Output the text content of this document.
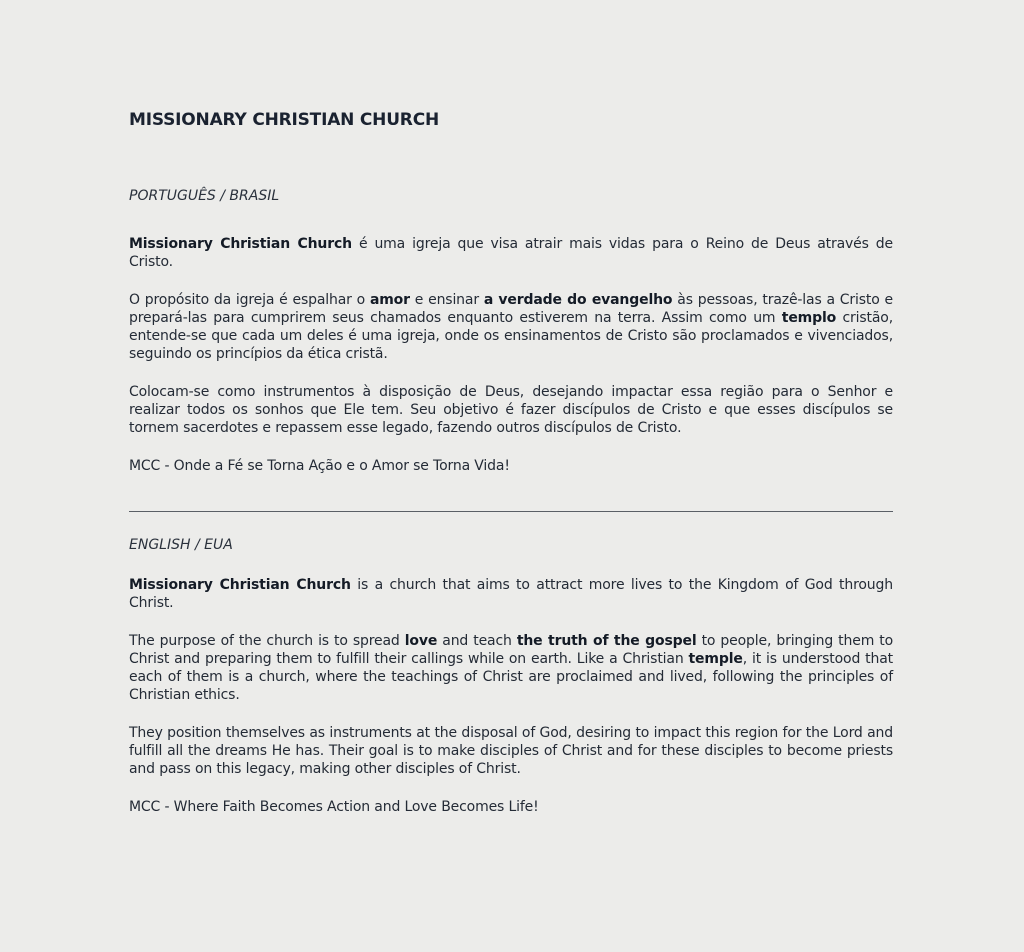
MISSIONARY CHRISTIAN CHURCH

PORTUGUÊS / BRASIL

Missionary Christian Church é uma igreja que visa atrair mais vidas para o Reino de Deus através de Cristo.

O propósito da igreja é espalhar o amor e ensinar a verdade do evangelho às pessoas, trazê-las a Cristo e prepará-las para cumprirem seus chamados enquanto estiverem na terra. Assim como um templo cristão, entende-se que cada um deles é uma igreja, onde os ensinamentos de Cristo são proclamados e vivenciados, seguindo os princípios da ética cristã.

Colocam-se como instrumentos à disposição de Deus, desejando impactar essa região para o Senhor e realizar todos os sonhos que Ele tem. Seu objetivo é fazer discípulos de Cristo e que esses discípulos se tornem sacerdotes e repassem esse legado, fazendo outros discípulos de Cristo.

MCC - Onde a Fé se Torna Ação e o Amor se Torna Vida!

ENGLISH / EUA

Missionary Christian Church is a church that aims to attract more lives to the Kingdom of God through Christ.

The purpose of the church is to spread love and teach the truth of the gospel to people, bringing them to Christ and preparing them to fulfill their callings while on earth. Like a Christian temple, it is understood that each of them is a church, where the teachings of Christ are proclaimed and lived, following the principles of Christian ethics.

They position themselves as instruments at the disposal of God, desiring to impact this region for the Lord and fulfill all the dreams He has. Their goal is to make disciples of Christ and for these disciples to become priests and pass on this legacy, making other disciples of Christ.

MCC - Where Faith Becomes Action and Love Becomes Life!
